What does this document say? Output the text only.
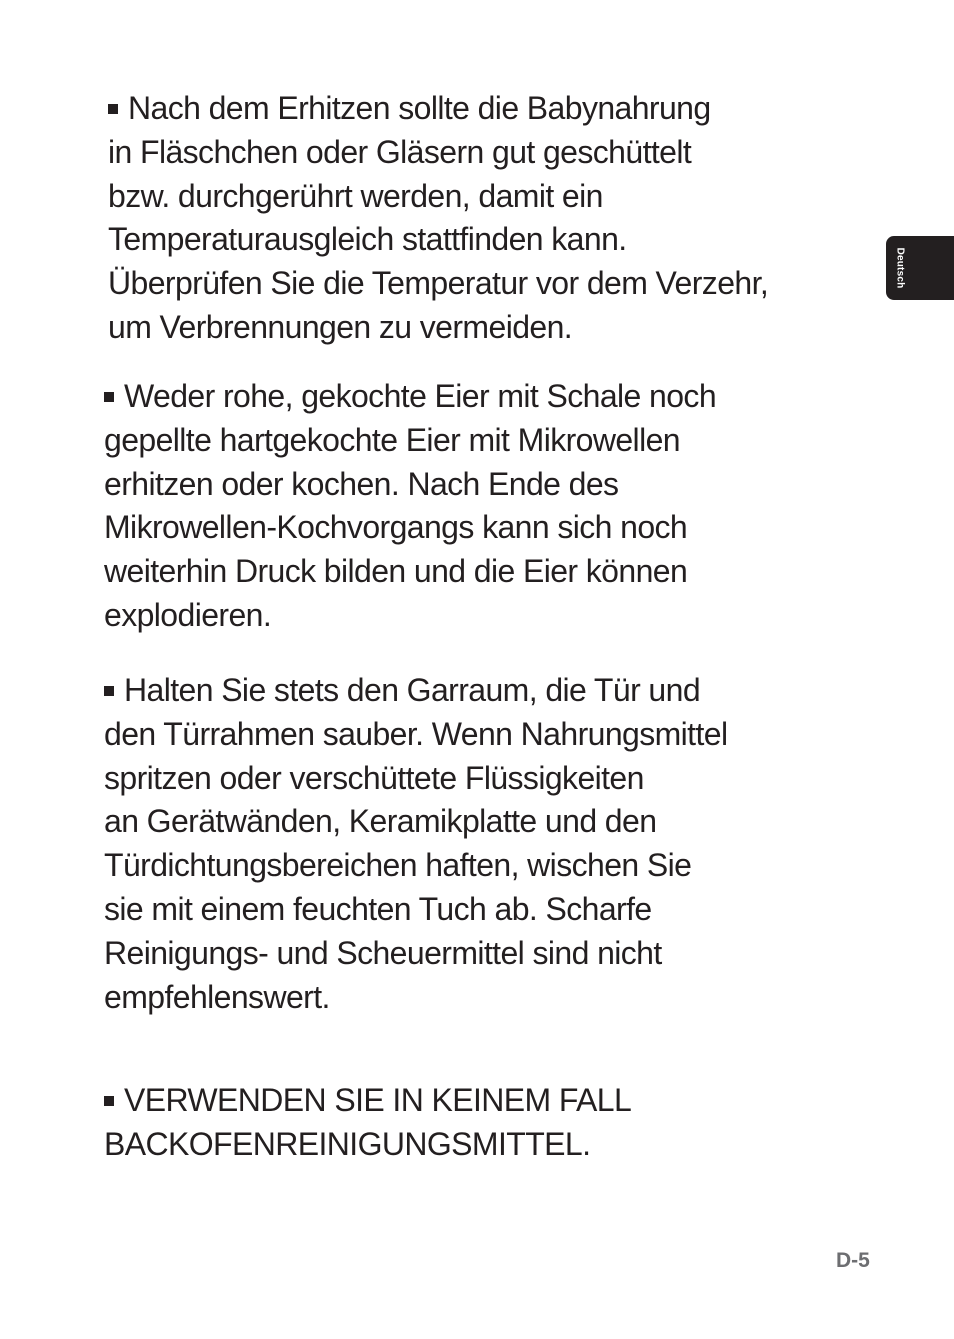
Deutsch
Nach dem Erhitzen sollte die Babynahrung
in Fläschchen oder Gläsern gut geschüttelt
bzw. durchgerührt werden, damit ein
Temperaturausgleich stattfinden kann.
Überprüfen Sie die Temperatur vor dem Verzehr,
um Verbrennungen zu vermeiden.
Weder rohe, gekochte Eier mit Schale noch
gepellte hartgekochte Eier mit Mikrowellen
erhitzen oder kochen. Nach Ende des
Mikrowellen-Kochvorgangs kann sich noch
weiterhin Druck bilden und die Eier können
explodieren.
Halten Sie stets den Garraum, die Tür und
den Türrahmen sauber. Wenn Nahrungsmittel
spritzen oder verschüttete Flüssigkeiten
an Gerätwänden, Keramikplatte und den
Türdichtungsbereichen haften, wischen Sie
sie mit einem feuchten Tuch ab. Scharfe
Reinigungs- und Scheuermittel sind nicht
empfehlenswert.
VERWENDEN SIE IN KEINEM FALL
BACKOFENREINIGUNGSMITTEL.
D-5
